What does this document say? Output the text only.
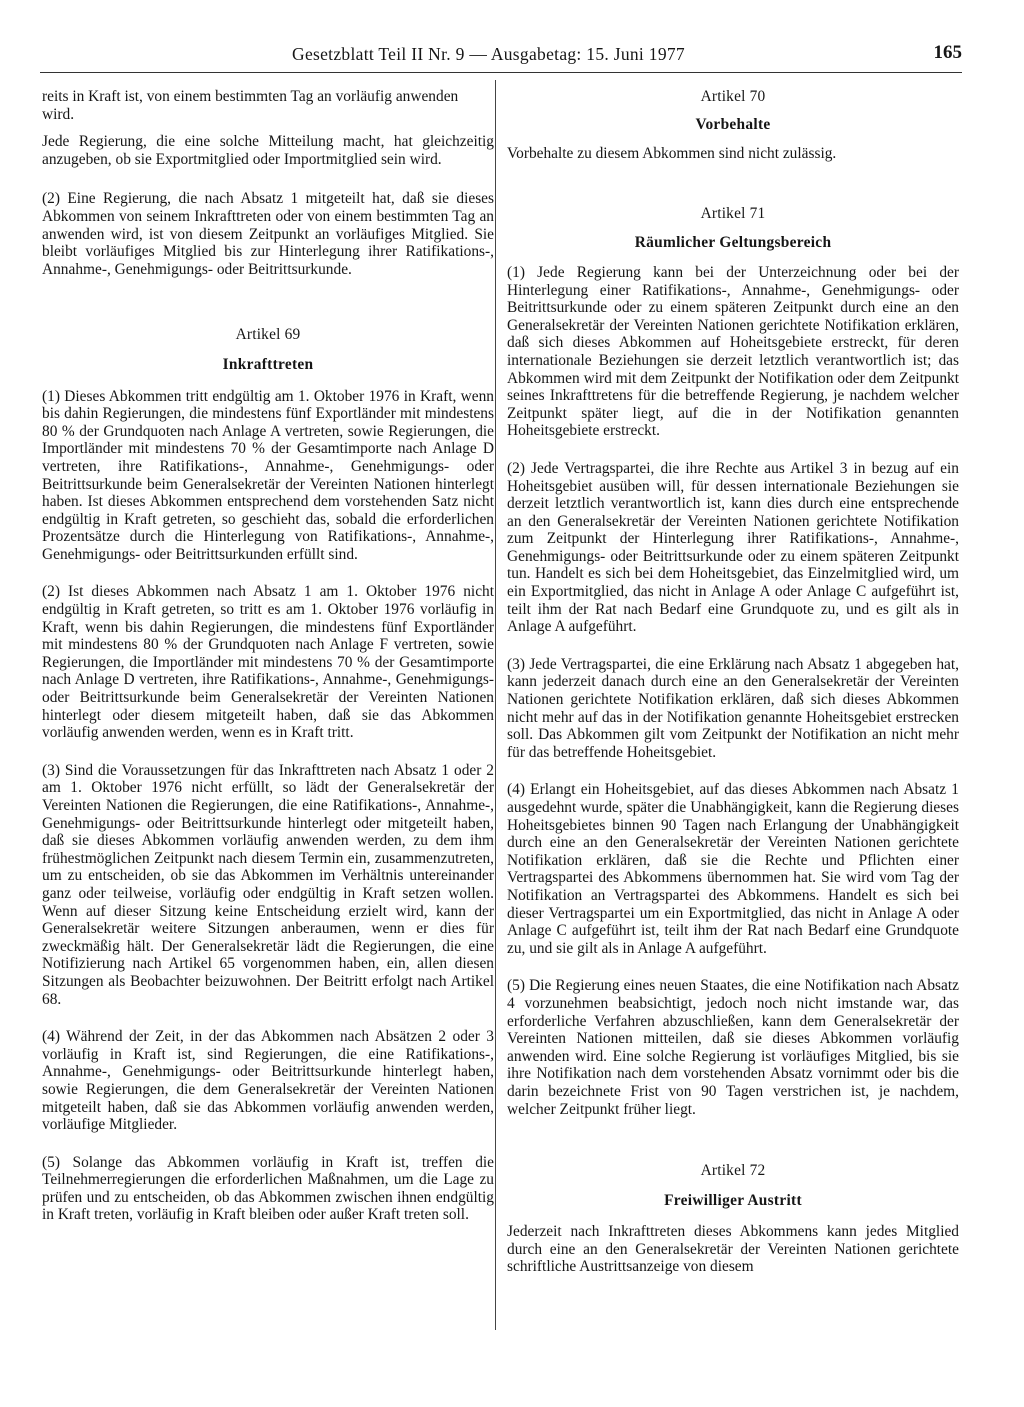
Gesetzblatt Teil II Nr. 9 — Ausgabetag: 15. Juni 1977	165

reits in Kraft ist, von einem bestimmten Tag an vorläufig anwenden wird.

Jede Regierung, die eine solche Mitteilung macht, hat gleichzeitig anzugeben, ob sie Exportmitglied oder Importmitglied sein wird.

(2) Eine Regierung, die nach Absatz 1 mitgeteilt hat, daß sie dieses Abkommen von seinem Inkrafttreten oder von einem bestimmten Tag an anwenden wird, ist von diesem Zeitpunkt an vorläufiges Mitglied. Sie bleibt vorläufiges Mitglied bis zur Hinterlegung ihrer Ratifikations-, Annahme-, Genehmigungs- oder Beitrittsurkunde.

Artikel 69

Inkrafttreten

(1) Dieses Abkommen tritt endgültig am 1. Oktober 1976 in Kraft, wenn bis dahin Regierungen, die mindestens fünf Exportländer mit mindestens 80 % der Grundquoten nach Anlage A vertreten, sowie Regierungen, die Importländer mit mindestens 70 % der Gesamtimporte nach Anlage D vertreten, ihre Ratifikations-, Annahme-, Genehmigungs- oder Beitrittsurkunde beim Generalsekretär der Vereinten Nationen hinterlegt haben. Ist dieses Abkommen entsprechend dem vorstehenden Satz nicht endgültig in Kraft getreten, so geschieht das, sobald die erforderlichen Prozentsätze durch die Hinterlegung von Ratifikations-, Annahme-, Genehmigungs- oder Beitrittsurkunden erfüllt sind.

(2) Ist dieses Abkommen nach Absatz 1 am 1. Oktober 1976 nicht endgültig in Kraft getreten, so tritt es am 1. Oktober 1976 vorläufig in Kraft, wenn bis dahin Regierungen, die mindestens fünf Exportländer mit mindestens 80 % der Grundquoten nach Anlage F vertreten, sowie Regierungen, die Importländer mit mindestens 70 % der Gesamtimporte nach Anlage D vertreten, ihre Ratifikations-, Annahme-, Genehmigungs- oder Beitrittsurkunde beim Generalsekretär der Vereinten Nationen hinterlegt oder diesem mitgeteilt haben, daß sie das Abkommen vorläufig anwenden werden, wenn es in Kraft tritt.

(3) Sind die Voraussetzungen für das Inkrafttreten nach Absatz 1 oder 2 am 1. Oktober 1976 nicht erfüllt, so lädt der Generalsekretär der Vereinten Nationen die Regierungen, die eine Ratifikations-, Annahme-, Genehmigungs- oder Beitrittsurkunde hinterlegt oder mitgeteilt haben, daß sie dieses Abkommen vorläufig anwenden werden, zu dem ihm frühestmöglichen Zeitpunkt nach diesem Termin ein, zusammenzutreten, um zu entscheiden, ob sie das Abkommen im Verhältnis untereinander ganz oder teilweise, vorläufig oder endgültig in Kraft setzen wollen. Wenn auf dieser Sitzung keine Entscheidung erzielt wird, kann der Generalsekretär weitere Sitzungen anberaumen, wenn er dies für zweckmäßig hält. Der Generalsekretär lädt die Regierungen, die eine Notifizierung nach Artikel 65 vorgenommen haben, ein, allen diesen Sitzungen als Beobachter beizuwohnen. Der Beitritt erfolgt nach Artikel 68.

(4) Während der Zeit, in der das Abkommen nach Absätzen 2 oder 3 vorläufig in Kraft ist, sind Regierungen, die eine Ratifikations-, Annahme-, Genehmigungs- oder Beitrittsurkunde hinterlegt haben, sowie Regierungen, die dem Generalsekretär der Vereinten Nationen mitgeteilt haben, daß sie das Abkommen vorläufig anwenden werden, vorläufige Mitglieder.

(5) Solange das Abkommen vorläufig in Kraft ist, treffen die Teilnehmerregierungen die erforderlichen Maßnahmen, um die Lage zu prüfen und zu entscheiden, ob das Abkommen zwischen ihnen endgültig in Kraft treten, vorläufig in Kraft bleiben oder außer Kraft treten soll.

Artikel 70

Vorbehalte

Vorbehalte zu diesem Abkommen sind nicht zulässig.

Artikel 71

Räumlicher Geltungsbereich

(1) Jede Regierung kann bei der Unterzeichnung oder bei der Hinterlegung einer Ratifikations-, Annahme-, Genehmigungs- oder Beitrittsurkunde oder zu einem späteren Zeitpunkt durch eine an den Generalsekretär der Vereinten Nationen gerichtete Notifikation erklären, daß sich dieses Abkommen auf Hoheitsgebiete erstreckt, für deren internationale Beziehungen sie derzeit letztlich verantwortlich ist; das Abkommen wird mit dem Zeitpunkt der Notifikation oder dem Zeitpunkt seines Inkrafttretens für die betreffende Regierung, je nachdem welcher Zeitpunkt später liegt, auf die in der Notifikation genannten Hoheitsgebiete erstreckt.

(2) Jede Vertragspartei, die ihre Rechte aus Artikel 3 in bezug auf ein Hoheitsgebiet ausüben will, für dessen internationale Beziehungen sie derzeit letztlich verantwortlich ist, kann dies durch eine entsprechende an den Generalsekretär der Vereinten Nationen gerichtete Notifikation zum Zeitpunkt der Hinterlegung ihrer Ratifikations-, Annahme-, Genehmigungs- oder Beitrittsurkunde oder zu einem späteren Zeitpunkt tun. Handelt es sich bei dem Hoheitsgebiet, das Einzelmitglied wird, um ein Exportmitglied, das nicht in Anlage A oder Anlage C aufgeführt ist, teilt ihm der Rat nach Bedarf eine Grundquote zu, und es gilt als in Anlage A aufgeführt.

(3) Jede Vertragspartei, die eine Erklärung nach Absatz 1 abgegeben hat, kann jederzeit danach durch eine an den Generalsekretär der Vereinten Nationen gerichtete Notifikation erklären, daß sich dieses Abkommen nicht mehr auf das in der Notifikation genannte Hoheitsgebiet erstrecken soll. Das Abkommen gilt vom Zeitpunkt der Notifikation an nicht mehr für das betreffende Hoheitsgebiet.

(4) Erlangt ein Hoheitsgebiet, auf das dieses Abkommen nach Absatz 1 ausgedehnt wurde, später die Unabhängigkeit, kann die Regierung dieses Hoheitsgebietes binnen 90 Tagen nach Erlangung der Unabhängigkeit durch eine an den Generalsekretär der Vereinten Nationen gerichtete Notifikation erklären, daß sie die Rechte und Pflichten einer Vertragspartei des Abkommens übernommen hat. Sie wird vom Tag der Notifikation an Vertragspartei des Abkommens. Handelt es sich bei dieser Vertragspartei um ein Exportmitglied, das nicht in Anlage A oder Anlage C aufgeführt ist, teilt ihm der Rat nach Bedarf eine Grundquote zu, und sie gilt als in Anlage A aufgeführt.

(5) Die Regierung eines neuen Staates, die eine Notifikation nach Absatz 4 vorzunehmen beabsichtigt, jedoch noch nicht imstande war, das erforderliche Verfahren abzuschließen, kann dem Generalsekretär der Vereinten Nationen mitteilen, daß sie dieses Abkommen vorläufig anwenden wird. Eine solche Regierung ist vorläufiges Mitglied, bis sie ihre Notifikation nach dem vorstehenden Absatz vornimmt oder bis die darin bezeichnete Frist von 90 Tagen verstrichen ist, je nachdem, welcher Zeitpunkt früher liegt.

Artikel 72

Freiwilliger Austritt

Jederzeit nach Inkrafttreten dieses Abkommens kann jedes Mitglied durch eine an den Generalsekretär der Vereinten Nationen gerichtete schriftliche Austrittsanzeige von diesem
